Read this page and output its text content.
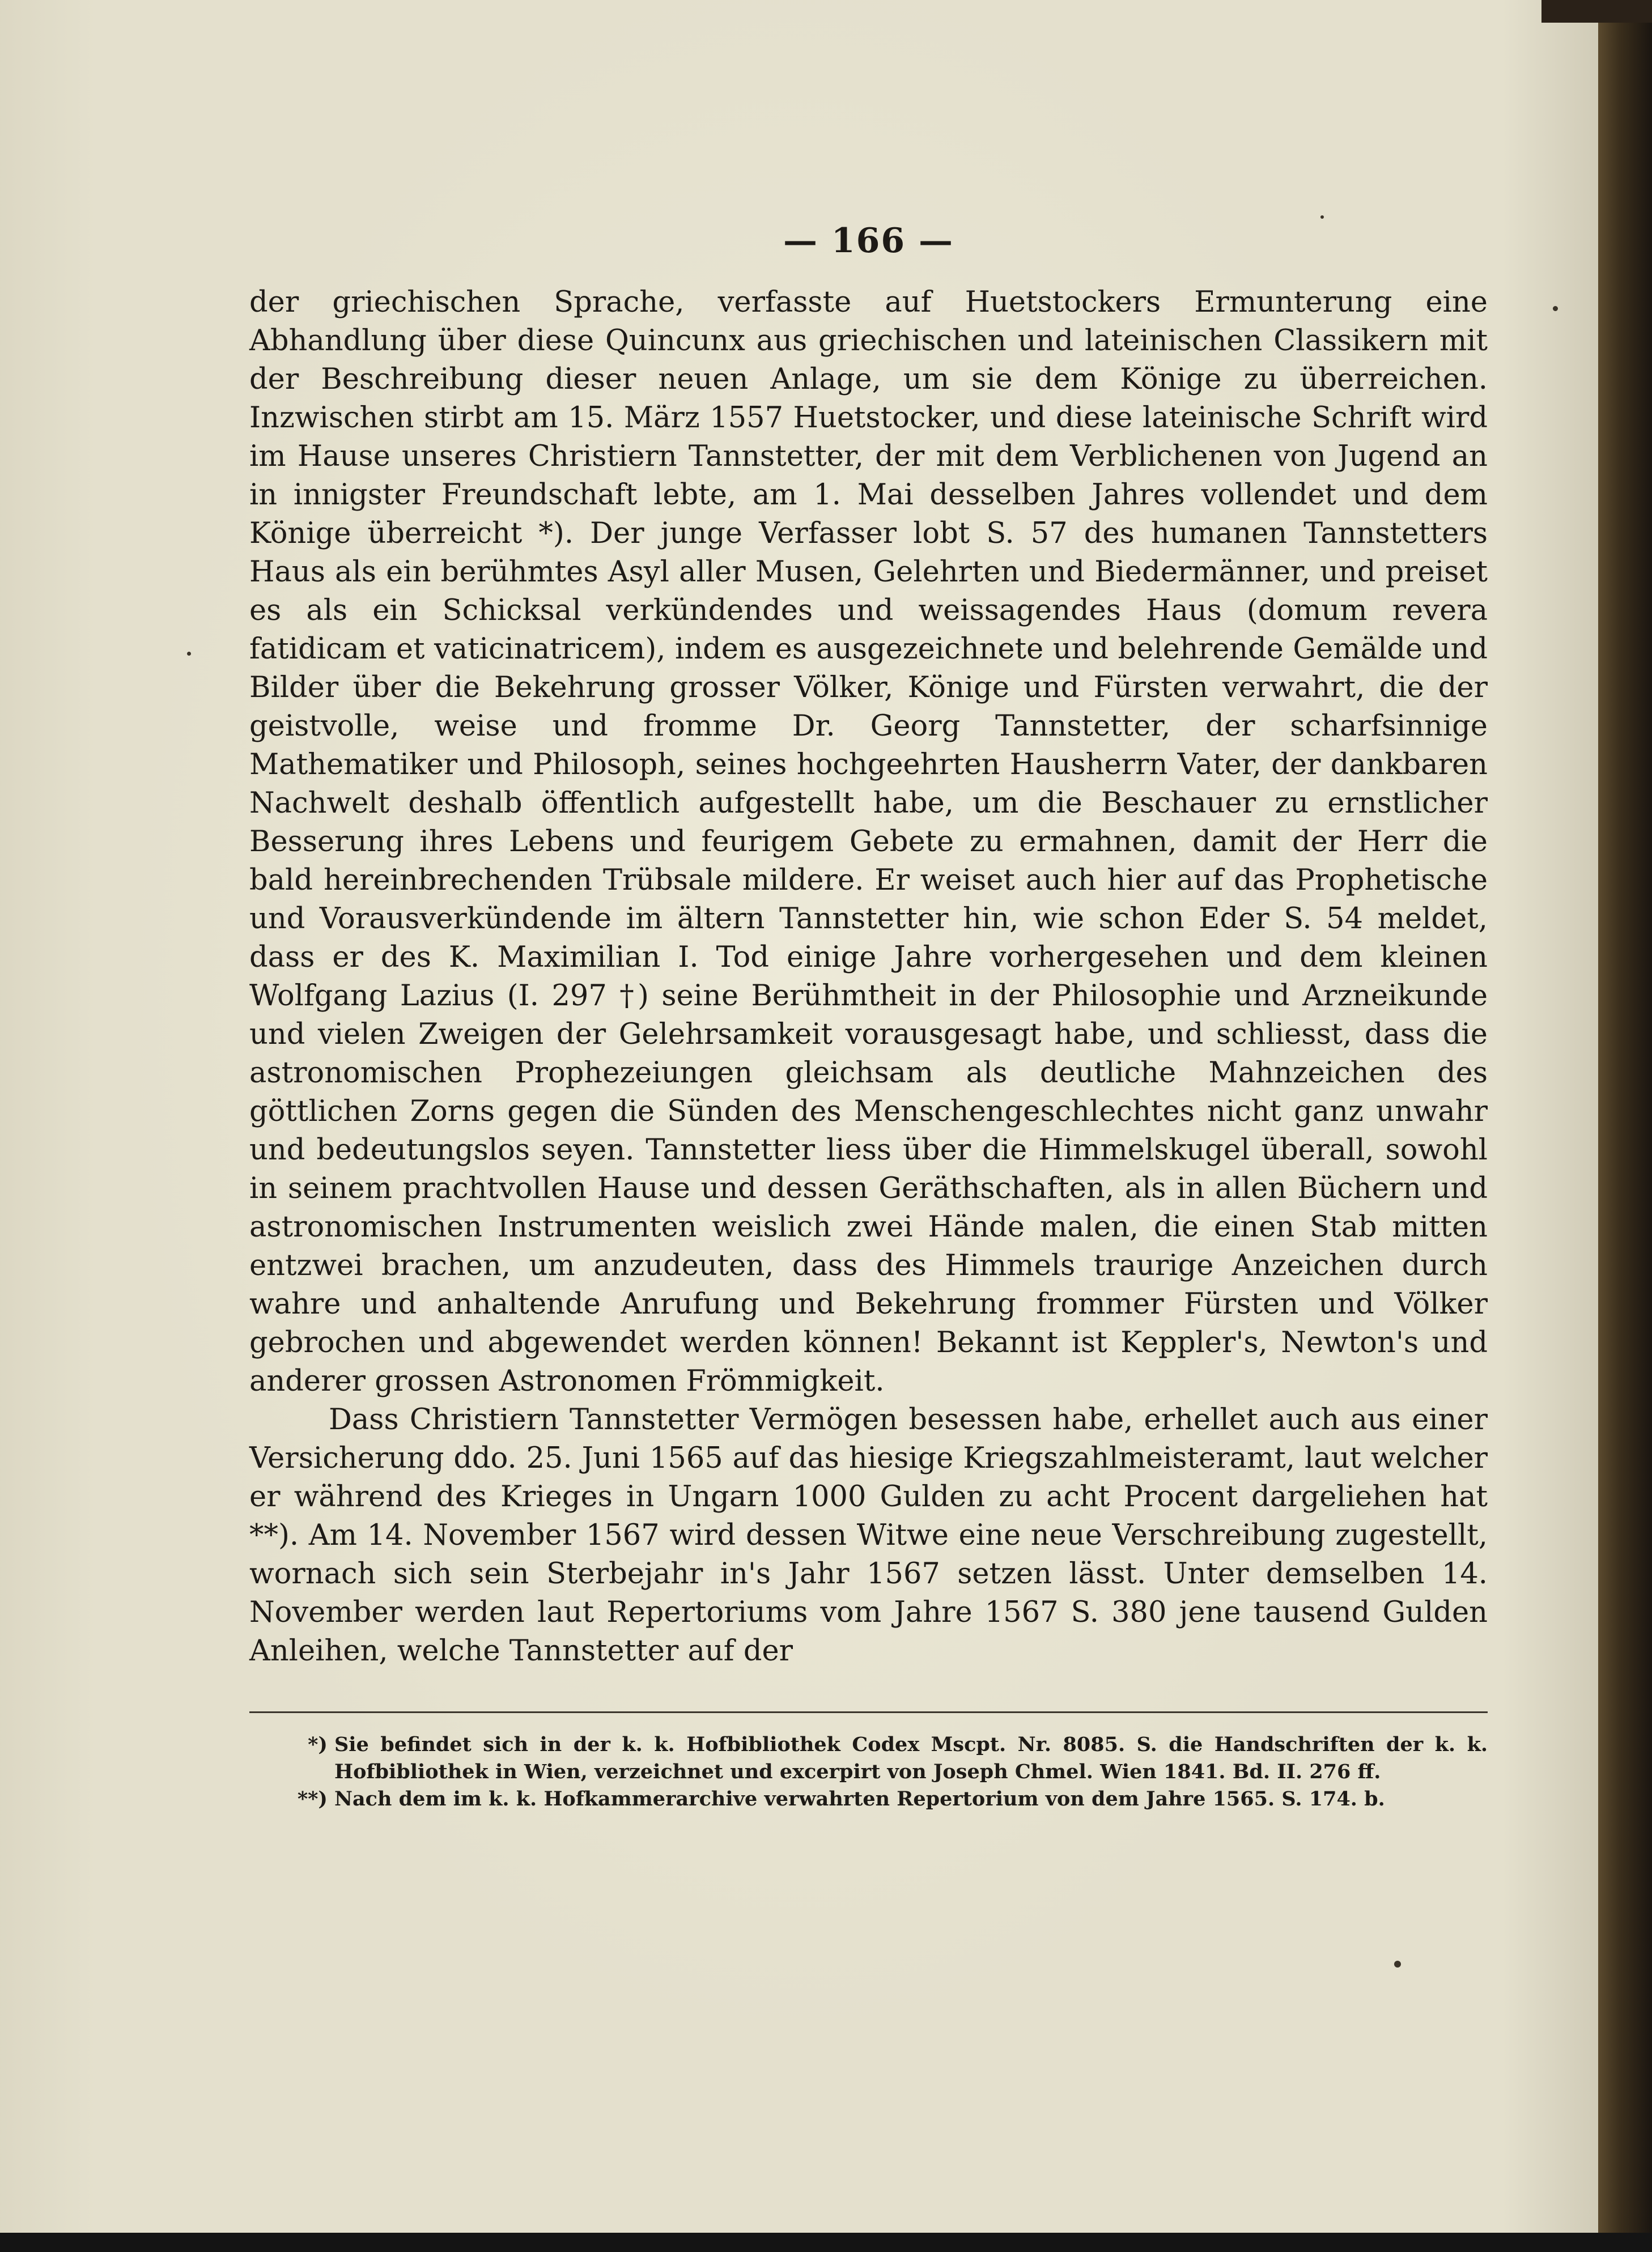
— 166 —

der griechischen Sprache, verfasste auf Huetstockers Ermunterung eine Abhandlung über diese Quincunx aus griechischen und lateinischen Classikern mit der Beschreibung dieser neuen Anlage, um sie dem Könige zu überreichen. Inzwischen stirbt am 15. März 1557 Huetstocker, und diese lateinische Schrift wird im Hause unseres Christiern Tannstetter, der mit dem Verblichenen von Jugend an in innigster Freundschaft lebte, am 1. Mai desselben Jahres vollendet und dem Könige überreicht *). Der junge Verfasser lobt S. 57 des humanen Tannstetters Haus als ein berühmtes Asyl aller Musen, Gelehrten und Biedermänner, und preiset es als ein Schicksal verkündendes und weissagendes Haus (domum revera fatidicam et vaticinatricem), indem es ausgezeichnete und belehrende Gemälde und Bilder über die Bekehrung grosser Völker, Könige und Fürsten verwahrt, die der geistvolle, weise und fromme Dr. Georg Tannstetter, der scharfsinnige Mathematiker und Philosoph, seines hochgeehrten Hausherrn Vater, der dankbaren Nachwelt deshalb öffentlich aufgestellt habe, um die Beschauer zu ernstlicher Besserung ihres Lebens und feurigem Gebete zu ermahnen, damit der Herr die bald hereinbrechenden Trübsale mildere. Er weiset auch hier auf das Prophetische und Vorausverkündende im ältern Tannstetter hin, wie schon Eder S. 54 meldet, dass er des K. Maximilian I. Tod einige Jahre vorhergesehen und dem kleinen Wolfgang Lazius (I. 297 †) seine Berühmtheit in der Philosophie und Arzneikunde und vielen Zweigen der Gelehrsamkeit vorausgesagt habe, und schliesst, dass die astronomischen Prophezeiungen gleichsam als deutliche Mahnzeichen des göttlichen Zorns gegen die Sünden des Menschengeschlechtes nicht ganz unwahr und bedeutungslos seyen. Tannstetter liess über die Himmelskugel überall, sowohl in seinem prachtvollen Hause und dessen Geräthschaften, als in allen Büchern und astronomischen Instrumenten weislich zwei Hände malen, die einen Stab mitten entzwei brachen, um anzudeuten, dass des Himmels traurige Anzeichen durch wahre und anhaltende Anrufung und Bekehrung frommer Fürsten und Völker gebrochen und abgewendet werden können! Bekannt ist Keppler's, Newton's und anderer grossen Astronomen Frömmigkeit.

Dass Christiern Tannstetter Vermögen besessen habe, erhellet auch aus einer Versicherung ddo. 25. Juni 1565 auf das hiesige Kriegszahlmeisteramt, laut welcher er während des Krieges in Ungarn 1000 Gulden zu acht Procent dargeliehen hat **). Am 14. November 1567 wird dessen Witwe eine neue Verschreibung zugestellt, wornach sich sein Sterbejahr in's Jahr 1567 setzen lässt. Unter demselben 14. November werden laut Repertoriums vom Jahre 1567 S. 380 jene tausend Gulden Anleihen, welche Tannstetter auf der

*) Sie befindet sich in der k. k. Hofbibliothek Codex Mscpt. Nr. 8085. S. die Handschriften der k. k. Hofbibliothek in Wien, verzeichnet und excerpirt von Joseph Chmel. Wien 1841. Bd. II. 276 ff.

**) Nach dem im k. k. Hofkammerarchive verwahrten Repertorium von dem Jahre 1565. S. 174. b.
